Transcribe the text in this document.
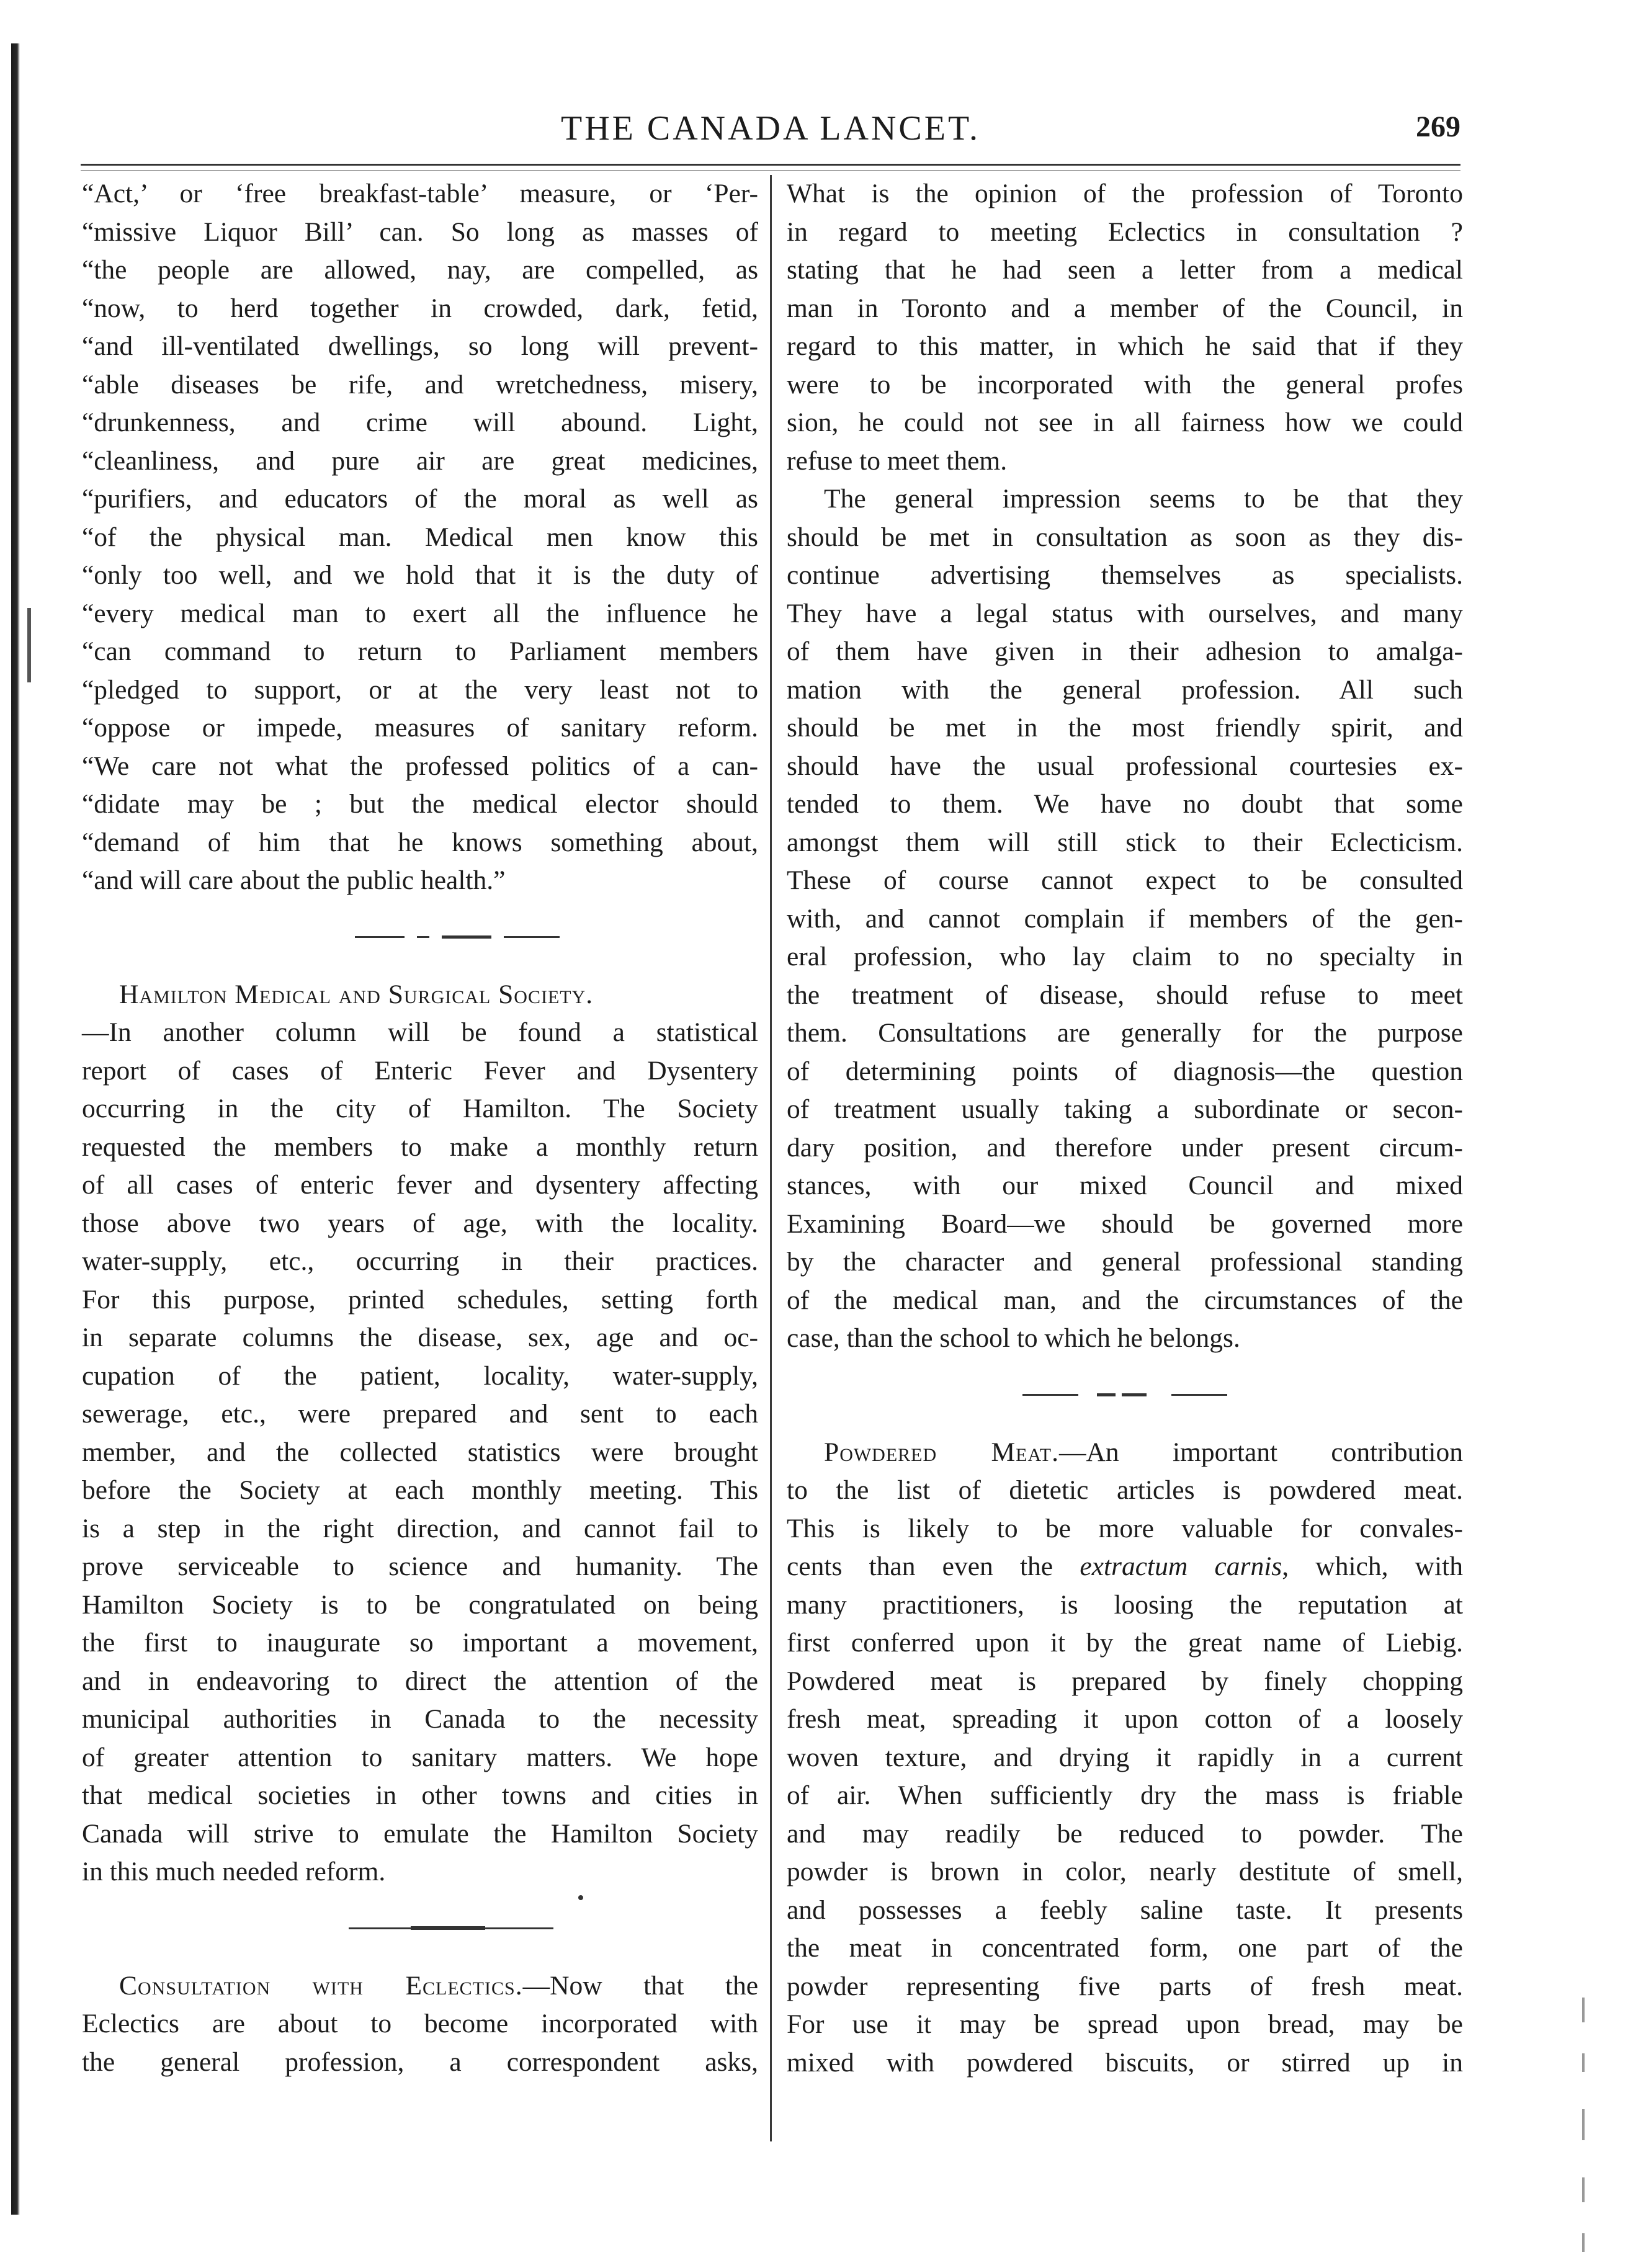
THE CANADA LANCET.	269
“Act,’ or ‘free breakfast-table’ measure, or ‘Per-
“missive Liquor Bill’ can. So long as masses of
“the people are allowed, nay, are compelled, as
“now, to herd together in crowded, dark, fetid,
“and ill-ventilated dwellings, so long will prevent-
“able diseases be rife, and wretchedness, misery,
“drunkenness, and crime will abound. Light,
“cleanliness, and pure air are great medicines,
“purifiers, and educators of the moral as well as
“of the physical man. Medical men know this
“only too well, and we hold that it is the duty of
“every medical man to exert all the influence he
“can command to return to Parliament members
“pledged to support, or at the very least not to
“oppose or impede, measures of sanitary reform.
“We care not what the professed politics of a can-
“didate may be ; but the medical elector should
“demand of him that he knows something about,
“and will care about the public health.”
Hamilton Medical and Surgical Society.
—In another column will be found a statistical
report of cases of Enteric Fever and Dysentery
occurring in the city of Hamilton. The Society
requested the members to make a monthly return
of all cases of enteric fever and dysentery affecting
those above two years of age, with the locality.
water-supply, etc., occurring in their practices.
For this purpose, printed schedules, setting forth
in separate columns the disease, sex, age and oc-
cupation of the patient, locality, water-supply,
sewerage, etc., were prepared and sent to each
member, and the collected statistics were brought
before the Society at each monthly meeting. This
is a step in the right direction, and cannot fail to
prove serviceable to science and humanity. The
Hamilton Society is to be congratulated on being
the first to inaugurate so important a movement,
and in endeavoring to direct the attention of the
municipal authorities in Canada to the necessity
of greater attention to sanitary matters. We hope
that medical societies in other towns and cities in
Canada will strive to emulate the Hamilton Society
in this much needed reform.
Consultation with Eclectics.—Now that the
Eclectics are about to become incorporated with
the general profession, a correspondent asks,
What is the opinion of the profession of Toronto
in regard to meeting Eclectics in consultation ?
stating that he had seen a letter from a medical
man in Toronto and a member of the Council, in
regard to this matter, in which he said that if they
were to be incorporated with the general profes
sion, he could not see in all fairness how we could
refuse to meet them.
The general impression seems to be that they
should be met in consultation as soon as they dis-
continue advertising themselves as specialists.
They have a legal status with ourselves, and many
of them have given in their adhesion to amalga-
mation with the general profession. All such
should be met in the most friendly spirit, and
should have the usual professional courtesies ex-
tended to them. We have no doubt that some
amongst them will still stick to their Eclecticism.
These of course cannot expect to be consulted
with, and cannot complain if members of the gen-
eral profession, who lay claim to no specialty in
the treatment of disease, should refuse to meet
them. Consultations are generally for the purpose
of determining points of diagnosis—the question
of treatment usually taking a subordinate or secon-
dary position, and therefore under present circum-
stances, with our mixed Council and mixed
Examining Board—we should be governed more
by the character and general professional standing
of the medical man, and the circumstances of the
case, than the school to which he belongs.
Powdered Meat.—An important contribution
to the list of dietetic articles is powdered meat.
This is likely to be more valuable for convales-
cents than even the extractum carnis, which, with
many practitioners, is loosing the reputation at
first conferred upon it by the great name of Liebig.
Powdered meat is prepared by finely chopping
fresh meat, spreading it upon cotton of a loosely
woven texture, and drying it rapidly in a current
of air. When sufficiently dry the mass is friable
and may readily be reduced to powder. The
powder is brown in color, nearly destitute of smell,
and possesses a feebly saline taste. It presents
the meat in concentrated form, one part of the
powder representing five parts of fresh meat.
For use it may be spread upon bread, may be
mixed with powdered biscuits, or stirred up in
